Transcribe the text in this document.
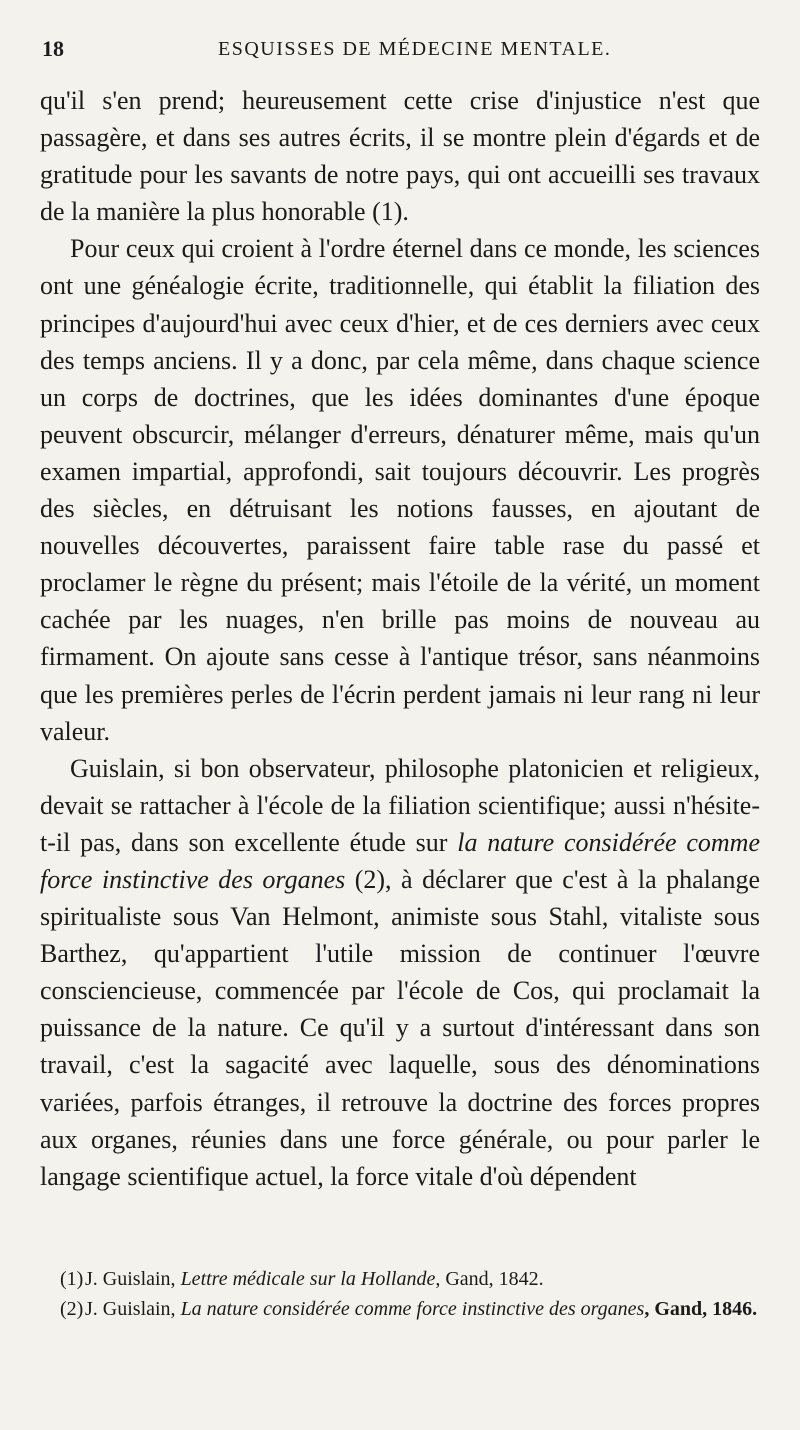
18	ESQUISSES DE MÉDECINE MENTALE.

qu'il s'en prend; heureusement cette crise d'injustice n'est que passagère, et dans ses autres écrits, il se montre plein d'égards et de gratitude pour les savants de notre pays, qui ont accueilli ses travaux de la manière la plus honorable (1).

Pour ceux qui croient à l'ordre éternel dans ce monde, les sciences ont une généalogie écrite, traditionnelle, qui établit la filiation des principes d'aujourd'hui avec ceux d'hier, et de ces derniers avec ceux des temps anciens. Il y a donc, par cela même, dans chaque science un corps de doctrines, que les idées dominantes d'une époque peuvent obscurcir, mélanger d'erreurs, dénaturer même, mais qu'un examen impartial, approfondi, sait toujours découvrir. Les progrès des siècles, en détruisant les notions fausses, en ajoutant de nouvelles découvertes, paraissent faire table rase du passé et proclamer le règne du présent; mais l'étoile de la vérité, un moment cachée par les nuages, n'en brille pas moins de nouveau au firmament. On ajoute sans cesse à l'antique trésor, sans néanmoins que les premières perles de l'écrin perdent jamais ni leur rang ni leur valeur.

Guislain, si bon observateur, philosophe platonicien et religieux, devait se rattacher à l'école de la filiation scientifique; aussi n'hésite-t-il pas, dans son excellente étude sur la nature considérée comme force instinctive des organes (2), à déclarer que c'est à la phalange spiritualiste sous Van Helmont, animiste sous Stahl, vitaliste sous Barthez, qu'appartient l'utile mission de continuer l'œuvre consciencieuse, commencée par l'école de Cos, qui proclamait la puissance de la nature. Ce qu'il y a surtout d'intéressant dans son travail, c'est la sagacité avec laquelle, sous des dénominations variées, parfois étranges, il retrouve la doctrine des forces propres aux organes, réunies dans une force générale, ou pour parler le langage scientifique actuel, la force vitale d'où dépendent

(1) J. Guislain, Lettre médicale sur la Hollande, Gand, 1842.

(2) J. Guislain, La nature considérée comme force instinctive des organes, Gand, 1846.
